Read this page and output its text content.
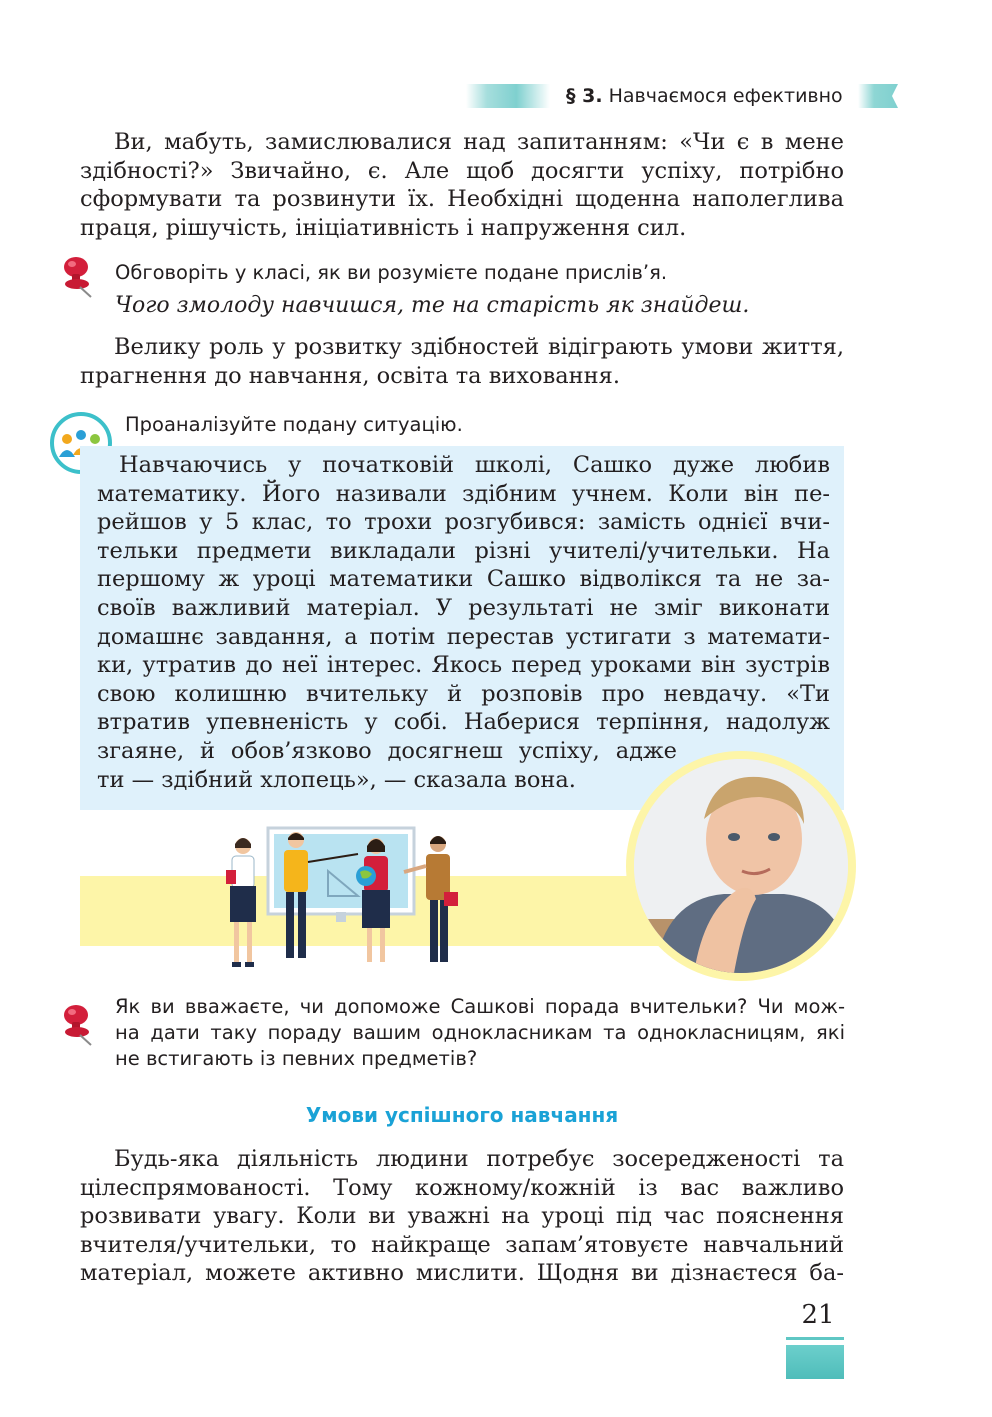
§ 3. Навчаємося ефективно
Ви, мабуть, замислювалися над запитанням: «Чи є в мене здібності?» Звичайно, є. Але щоб досягти успіху, потрібно сформувати та розвинути їх. Необхідні щоденна наполеглива праця, рішучість, ініціативність і напруження сил.
Обговоріть у класі, як ви розумієте подане прислів’я.
Чого змолоду навчишся, те на старість як знайдеш.
Велику роль у розвитку здібностей відіграють умови життя, прагнення до навчання, освіта та виховання.
Проаналізуйте подану ситуацію.
Навчаючись у початковій школі, Сашко дуже любив
математику. Його називали здібним учнем. Коли він пе-
рейшов у 5 клас, то трохи розгубився: замість однієї вчи-
тельки предмети викладали різні учителі/учительки. На
першому ж уроці математики Сашко відволікся та не за-
своїв важливий матеріал. У результаті не зміг виконати
домашнє завдання, а потім перестав устигати з математи-
ки, утратив до неї інтерес. Якось перед уроками він зустрів
свою колишню вчительку й розповів про невдачу. «Ти
втратив упевненість у собі. Наберися терпіння, надолуж
згаяне, й обов’язково досягнеш успіху, адже
ти — здібний хлопець», — сказала вона.
Як ви вважаєте, чи допоможе Сашкові порада вчительки? Чи мож-
на дати таку пораду вашим однокласникам та однокласницям, які
не встигають із певних предметів?
Умови успішного навчання
Будь-яка діяльність людини потребує зосередженості та
цілеспрямованості. Тому кожному/кожній із вас важливо
розвивати увагу. Коли ви уважні на уроці під час пояснення
вчителя/учительки, то найкраще запам’ятовуєте навчальний
матеріал, можете активно мислити. Щодня ви дізнаєтеся ба-
21
